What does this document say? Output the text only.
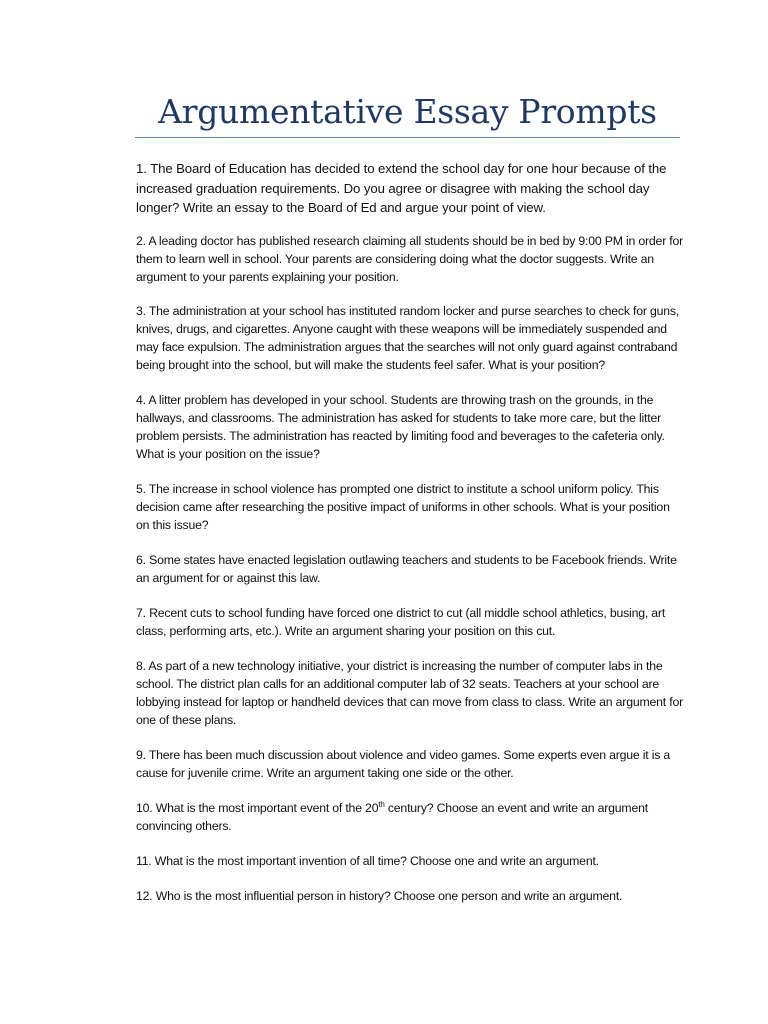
Argumentative Essay Prompts
1. The Board of Education has decided to extend the school day for one hour because of the increased graduation requirements. Do you agree or disagree with making the school day longer? Write an essay to the Board of Ed and argue your point of view.
2. A leading doctor has published research claiming all students should be in bed by 9:00 PM in order for them to learn well in school. Your parents are considering doing what the doctor suggests. Write an argument to your parents explaining your position.
3. The administration at your school has instituted random locker and purse searches to check for guns, knives, drugs, and cigarettes. Anyone caught with these weapons will be immediately suspended and may face expulsion. The administration argues that the searches will not only guard against contraband being brought into the school, but will make the students feel safer. What is your position?
4. A litter problem has developed in your school. Students are throwing trash on the grounds, in the hallways, and classrooms. The administration has asked for students to take more care, but the litter problem persists. The administration has reacted by limiting food and beverages to the cafeteria only. What is your position on the issue?
5. The increase in school violence has prompted one district to institute a school uniform policy. This decision came after researching the positive impact of uniforms in other schools. What is your position on this issue?
6. Some states have enacted legislation outlawing teachers and students to be Facebook friends. Write an argument for or against this law.
7. Recent cuts to school funding have forced one district to cut (all middle school athletics, busing, art class, performing arts, etc.). Write an argument sharing your position on this cut.
8. As part of a new technology initiative, your district is increasing the number of computer labs in the school. The district plan calls for an additional computer lab of 32 seats. Teachers at your school are lobbying instead for laptop or handheld devices that can move from class to class. Write an argument for one of these plans.
9. There has been much discussion about violence and video games. Some experts even argue it is a cause for juvenile crime. Write an argument taking one side or the other.
10. What is the most important event of the 20th century? Choose an event and write an argument convincing others.
11. What is the most important invention of all time? Choose one and write an argument.
12. Who is the most influential person in history? Choose one person and write an argument.
